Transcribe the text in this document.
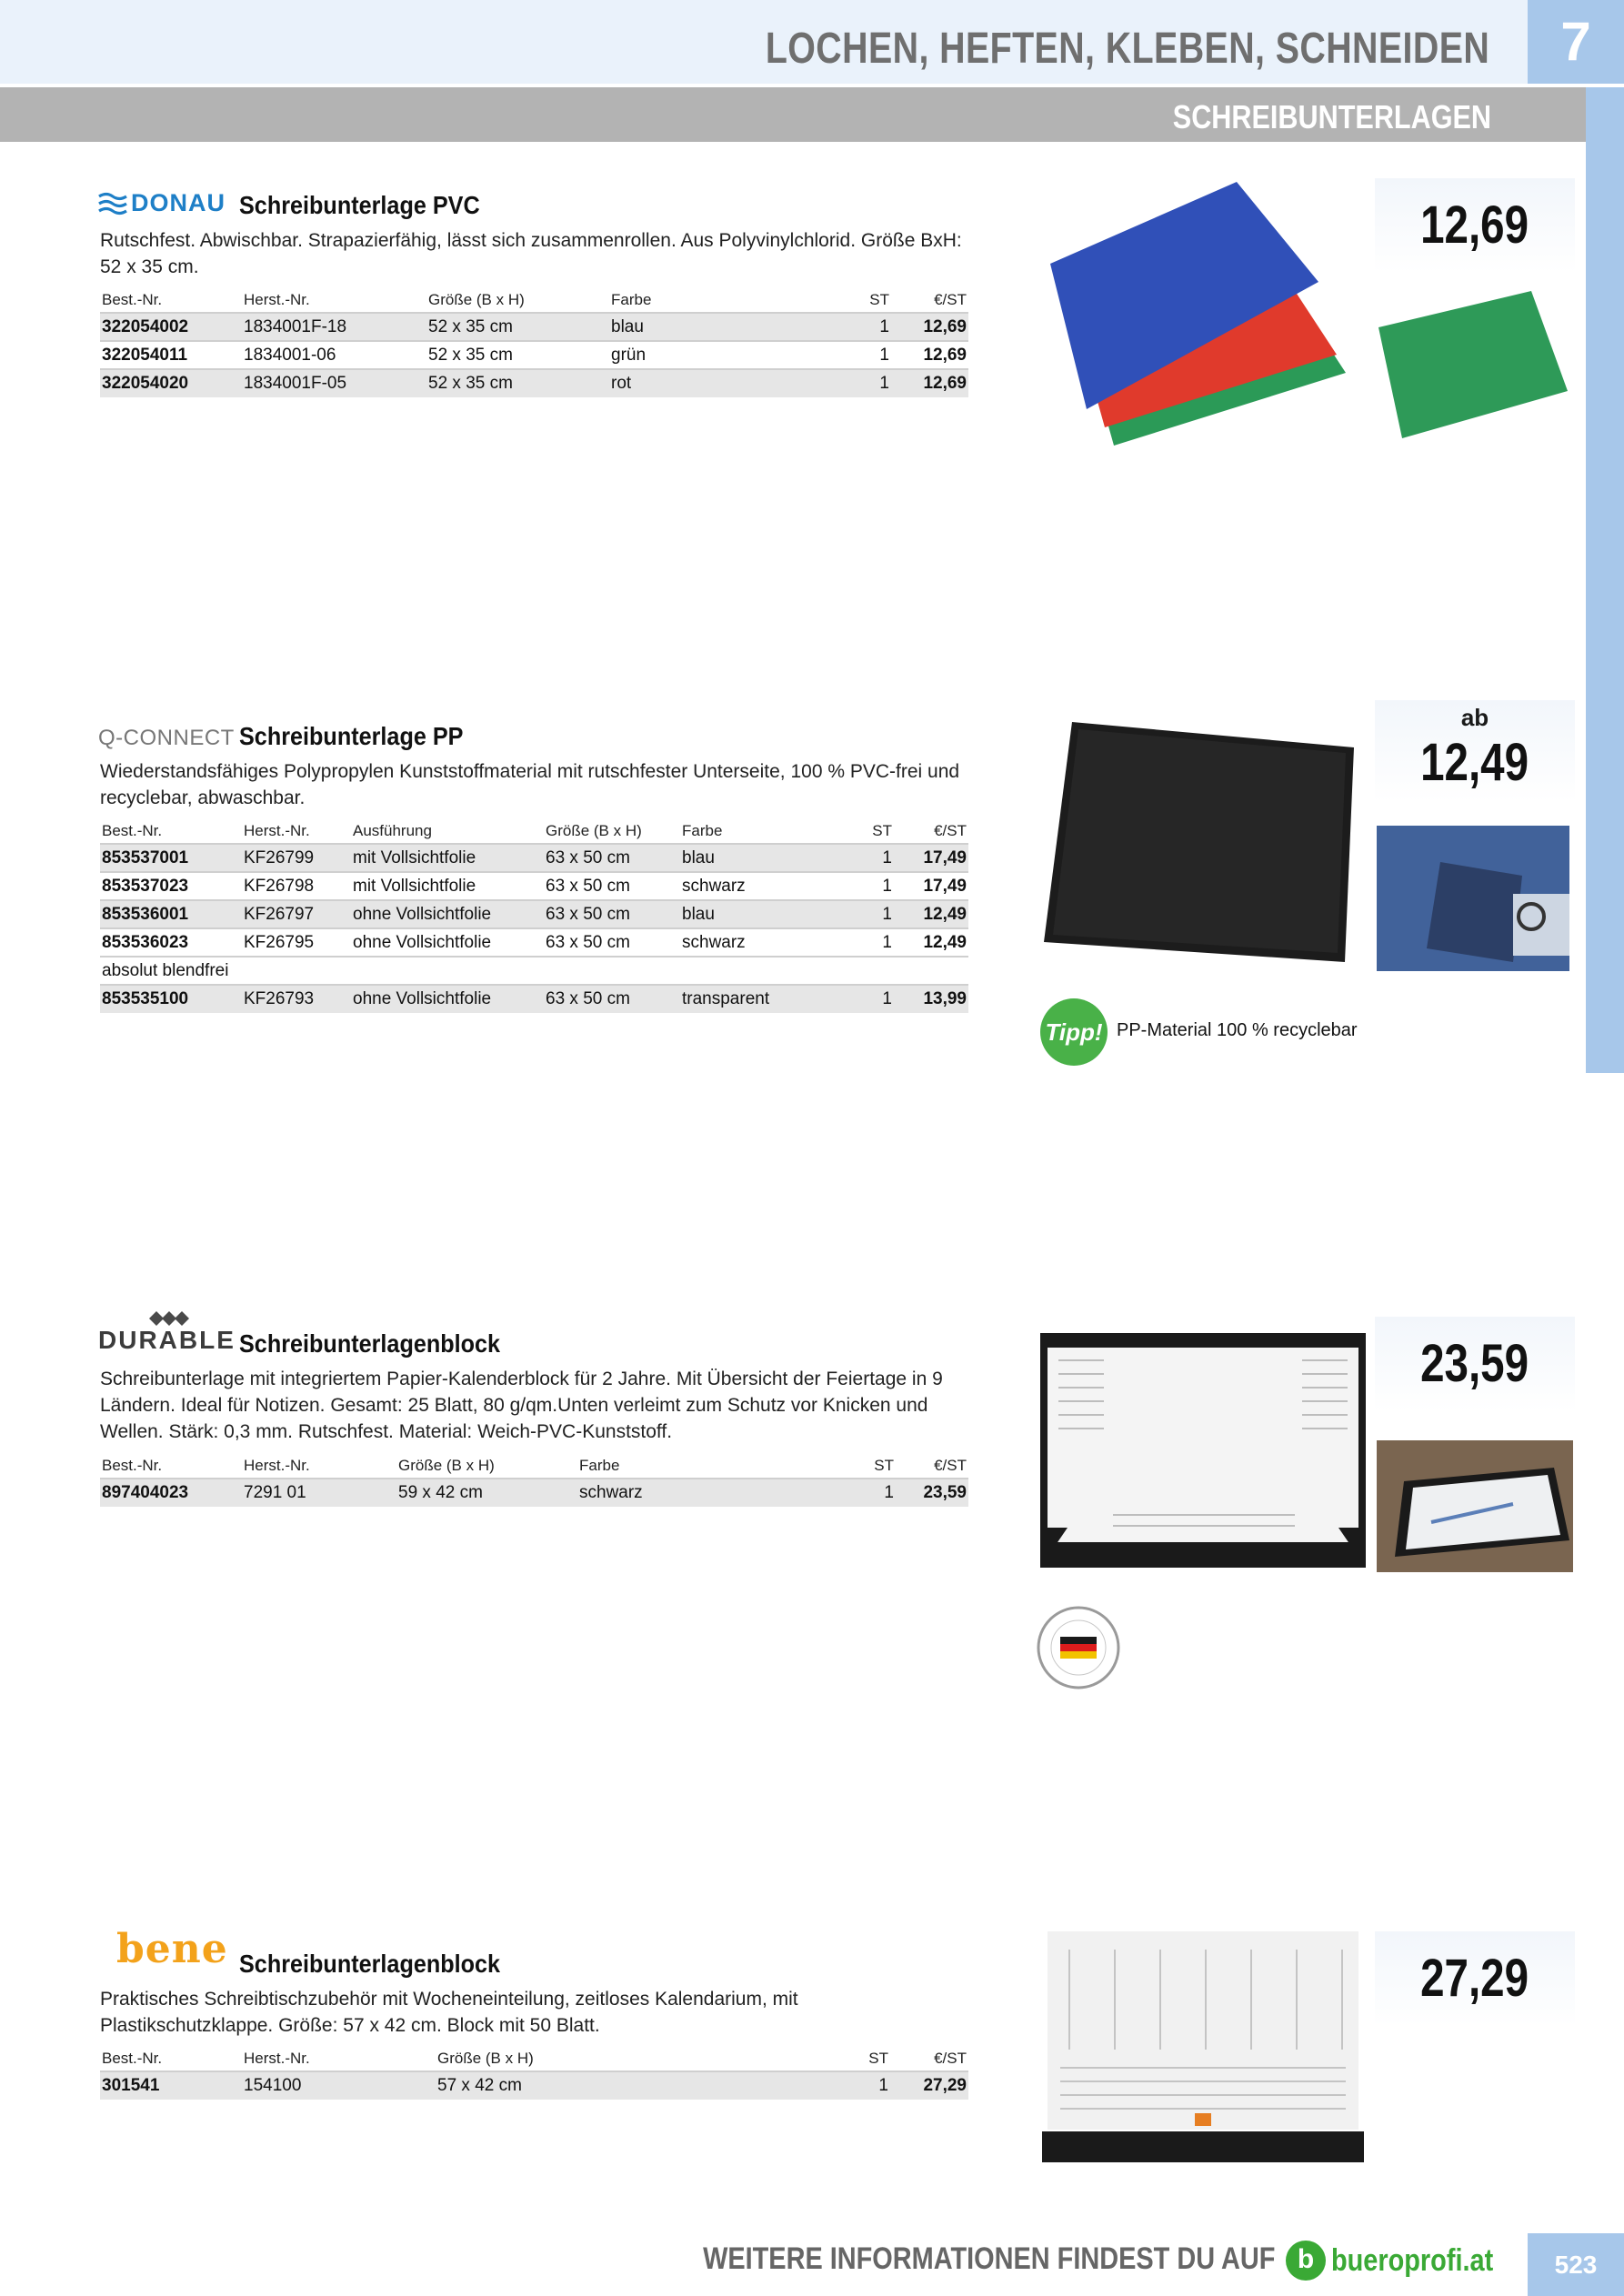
LOCHEN, HEFTEN, KLEBEN, SCHNEIDEN	7
SCHREIBUNTERLAGEN
DONAU Schreibunterlage PVC
Rutschfest. Abwischbar. Strapazierfähig, lässt sich zusammenrollen. Aus Polyvinylchlorid. Größe BxH: 52 x 35 cm.
Best.-Nr.	Herst.-Nr.	Größe (B x H)	Farbe	ST	€/ST
322054002	1834001F-18	52 x 35 cm	blau	1	12,69
322054011	1834001-06	52 x 35 cm	grün	1	12,69
322054020	1834001F-05	52 x 35 cm	rot	1	12,69
12,69
Q-CONNECT Schreibunterlage PP
Wiederstandsfähiges Polypropylen Kunststoffmaterial mit rutschfester Unterseite, 100 % PVC-frei und recyclebar, abwaschbar.
Best.-Nr.	Herst.-Nr.	Ausführung	Größe (B x H)	Farbe	ST	€/ST
853537001	KF26799	mit Vollsichtfolie	63 x 50 cm	blau	1	17,49
853537023	KF26798	mit Vollsichtfolie	63 x 50 cm	schwarz	1	17,49
853536001	KF26797	ohne Vollsichtfolie	63 x 50 cm	blau	1	12,49
853536023	KF26795	ohne Vollsichtfolie	63 x 50 cm	schwarz	1	12,49
absolut blendfrei						
853535100	KF26793	ohne Vollsichtfolie	63 x 50 cm	transparent	1	13,99
ab
12,49
Tipp! PP-Material 100 % recyclebar
DURABLE Schreibunterlagenblock
Schreibunterlage mit integriertem Papier-Kalenderblock für 2 Jahre. Mit Übersicht der Feiertage in 9 Ländern. Ideal für Notizen. Gesamt: 25 Blatt, 80 g/qm.Unten verleimt zum Schutz vor Knicken und Wellen. Stärk: 0,3 mm. Rutschfest. Material: Weich-PVC-Kunststoff.
Best.-Nr.	Herst.-Nr.	Größe (B x H)	Farbe	ST	€/ST
897404023	7291 01	59 x 42 cm	schwarz	1	23,59
23,59
bene Schreibunterlagenblock
Praktisches Schreibtischzubehör mit Wocheneinteilung, zeitloses Kalendarium, mit Plastikschutzklappe. Größe: 57 x 42 cm. Block mit 50 Blatt.
Best.-Nr.	Herst.-Nr.	Größe (B x H)	ST	€/ST
301541	154100	57 x 42 cm	1	27,29
27,29
WEITERE INFORMATIONEN FINDEST DU AUF b bueroprofi.at	523
